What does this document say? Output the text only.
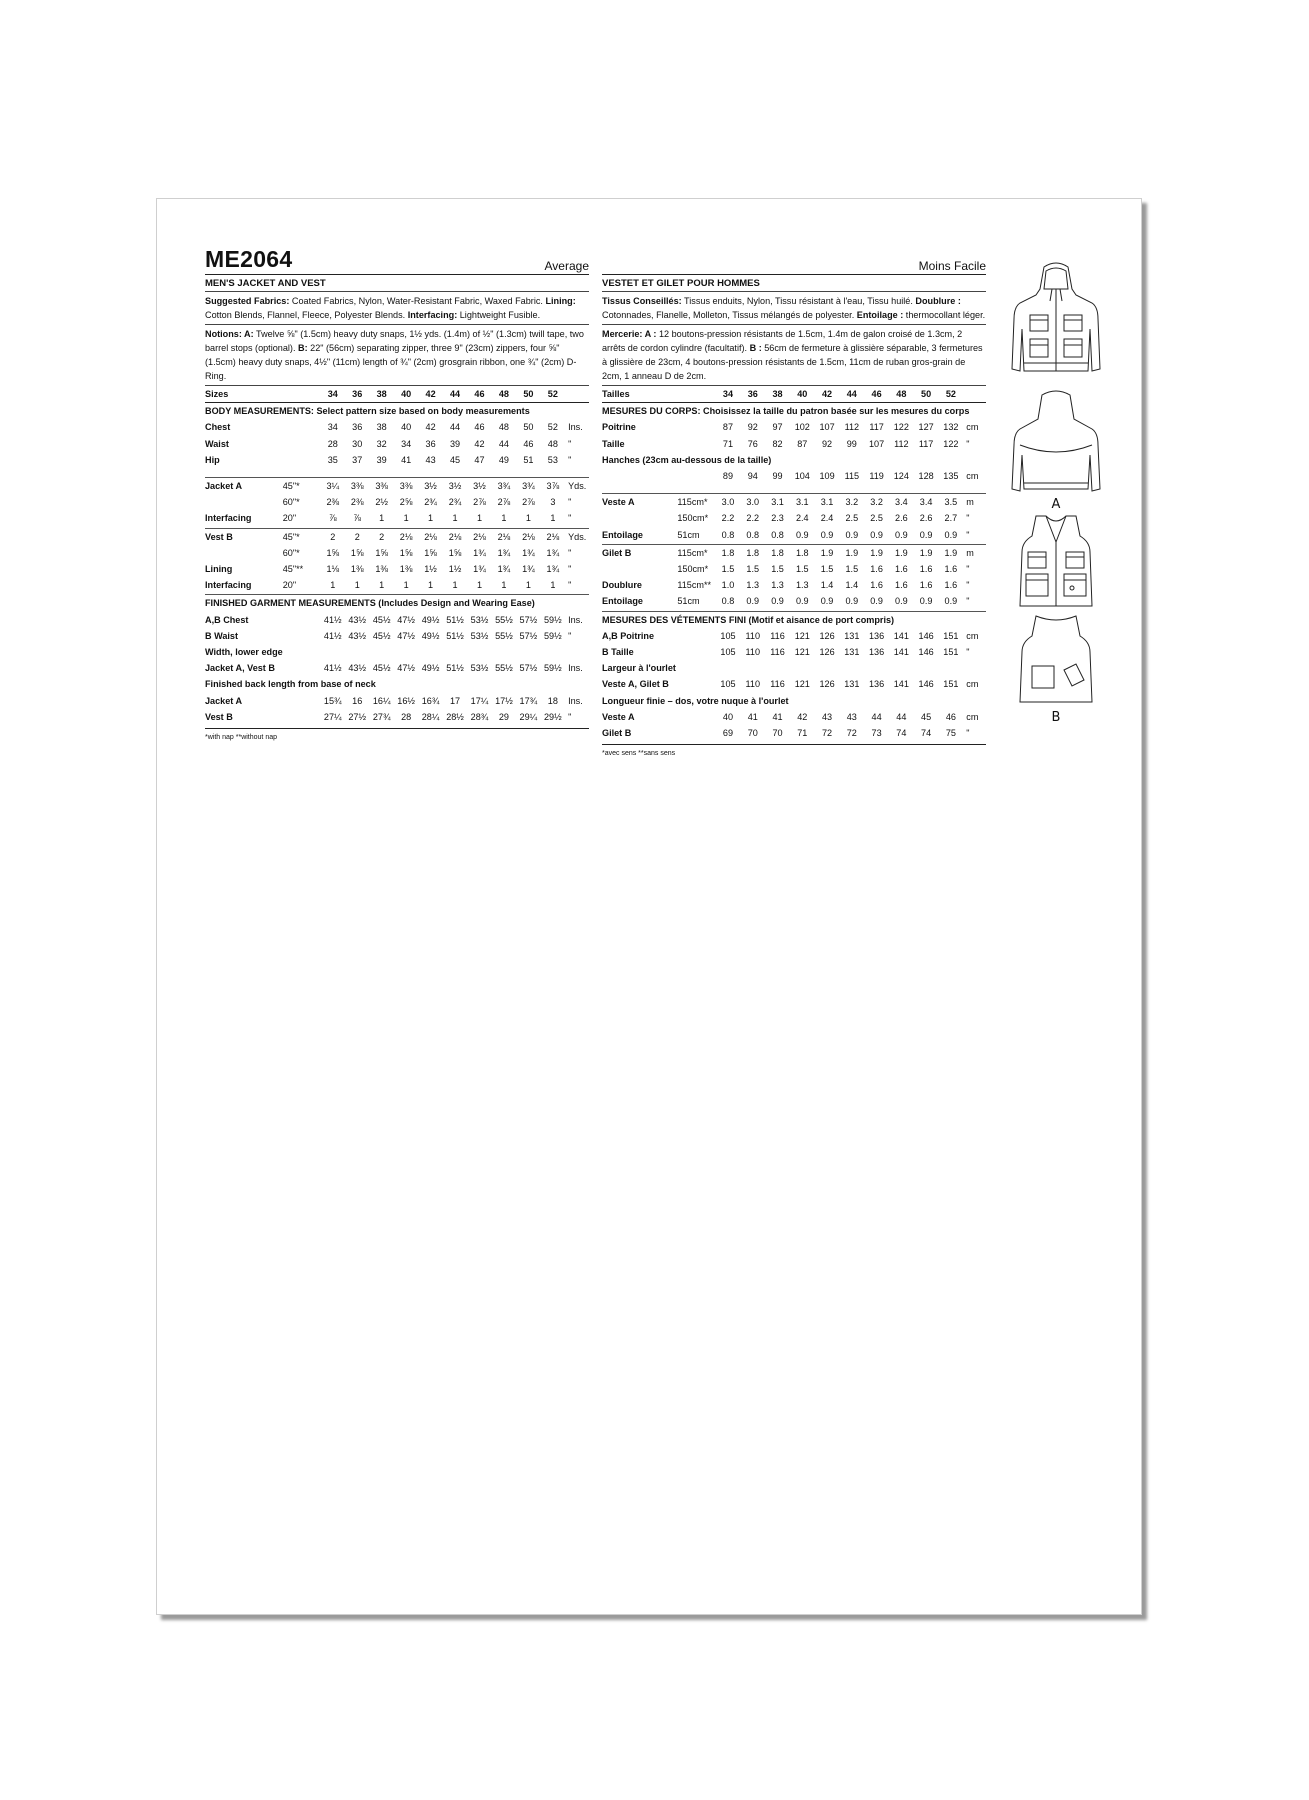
ME2064	Average
MEN'S JACKET AND VEST
Suggested Fabrics: Coated Fabrics, Nylon, Water-Resistant Fabric, Waxed Fabric. Lining: Cotton Blends, Flannel, Fleece, Polyester Blends. Interfacing: Lightweight Fusible.
Notions: A: Twelve ⅝" (1.5cm) heavy duty snaps, 1½ yds. (1.4m) of ½" (1.3cm) twill tape, two barrel stops (optional). B: 22" (56cm) separating zipper, three 9" (23cm) zippers, four ⅝" (1.5cm) heavy duty snaps, 4½" (11cm) length of ¾" (2cm) grosgrain ribbon, one ¾" (2cm) D-Ring.
Sizes		34	36	38	40	42	44	46	48	50	52	
BODY MEASUREMENTS: Select pattern size based on body measurements												
Chest		34	36	38	40	42	44	46	48	50	52	Ins.
Waist		28	30	32	34	36	39	42	44	46	48	"
Hip		35	37	39	41	43	45	47	49	51	53	"

Jacket A	45"*	3¼	3⅜	3⅜	3⅜	3½	3½	3½	3¾	3¾	3⅞	Yds.
	60"*	2⅜	2⅜	2½	2⅝	2¾	2¾	2⅞	2⅞	2⅞	3	"
Interfacing	20"	⅞	⅞	1	1	1	1	1	1	1	1	"

Vest B	45"*	2	2	2	2⅛	2⅛	2⅛	2⅛	2⅛	2⅛	2⅛	Yds.
	60"*	1⅝	1⅝	1⅝	1⅝	1⅝	1⅝	1¾	1¾	1¾	1¾	"
Lining	45"**	1⅛	1⅜	1⅜	1⅜	1½	1½	1¾	1¾	1¾	1¾	"
Interfacing	20"	1	1	1	1	1	1	1	1	1	1	"

FINISHED GARMENT MEASUREMENTS (Includes Design and Wearing Ease)												
A,B Chest		41½	43½	45½	47½	49½	51½	53½	55½	57½	59½	Ins.
B Waist		41½	43½	45½	47½	49½	51½	53½	55½	57½	59½	"
Width, lower edge												
Jacket A, Vest B		41½	43½	45½	47½	49½	51½	53½	55½	57½	59½	Ins.
Finished back length from base of neck												
Jacket A		15¾	16	16¼	16½	16¾	17	17¼	17½	17¾	18	Ins.
Vest B		27¼	27½	27¾	28	28¼	28½	28¾	29	29¼	29½	"
*with nap **without nap
Moins Facile
VESTET ET GILET POUR HOMMES
Tissus Conseillés: Tissus enduits, Nylon, Tissu résistant à l'eau, Tissu huilé. Doublure : Cotonnades, Flanelle, Molleton, Tissus mélangés de polyester. Entoilage : thermocollant léger.
Mercerie: A : 12 boutons-pression résistants de 1.5cm, 1.4m de galon croisé de 1.3cm, 2 arrêts de cordon cylindre (facultatif). B : 56cm de fermeture à glissière séparable, 3 fermetures à glissière de 23cm, 4 boutons-pression résistants de 1.5cm, 11cm de ruban gros-grain de 2cm, 1 anneau D de 2cm.
Tailles		34	36	38	40	42	44	46	48	50	52	
MESURES DU CORPS: Choisissez la taille du patron basée sur les mesures du corps												
Poitrine		87	92	97	102	107	112	117	122	127	132	cm
Taille		71	76	82	87	92	99	107	112	117	122	"
Hanches (23cm au-dessous de la taille)												
		89	94	99	104	109	115	119	124	128	135	cm

Veste A	115cm*	3.0	3.0	3.1	3.1	3.1	3.2	3.2	3.4	3.4	3.5	m
	150cm*	2.2	2.2	2.3	2.4	2.4	2.5	2.5	2.6	2.6	2.7	"
Entoilage	51cm	0.8	0.8	0.8	0.9	0.9	0.9	0.9	0.9	0.9	0.9	"

Gilet B	115cm*	1.8	1.8	1.8	1.8	1.9	1.9	1.9	1.9	1.9	1.9	m
	150cm*	1.5	1.5	1.5	1.5	1.5	1.5	1.6	1.6	1.6	1.6	"
Doublure	115cm**	1.0	1.3	1.3	1.3	1.4	1.4	1.6	1.6	1.6	1.6	"
Entoilage	51cm	0.8	0.9	0.9	0.9	0.9	0.9	0.9	0.9	0.9	0.9	"

MESURES DES VÉTEMENTS FINI (Motif et aisance de port compris)												
A,B Poitrine		105	110	116	121	126	131	136	141	146	151	cm
B Taille		105	110	116	121	126	131	136	141	146	151	"
Largeur à l'ourlet												
Veste A, Gilet B		105	110	116	121	126	131	136	141	146	151	cm
Longueur finie – dos, votre nuque à l'ourlet												
Veste A		40	41	41	42	43	43	44	44	45	46	cm
Gilet B		69	70	70	71	72	72	73	74	74	75	"
*avec sens **sans sens
A
B
